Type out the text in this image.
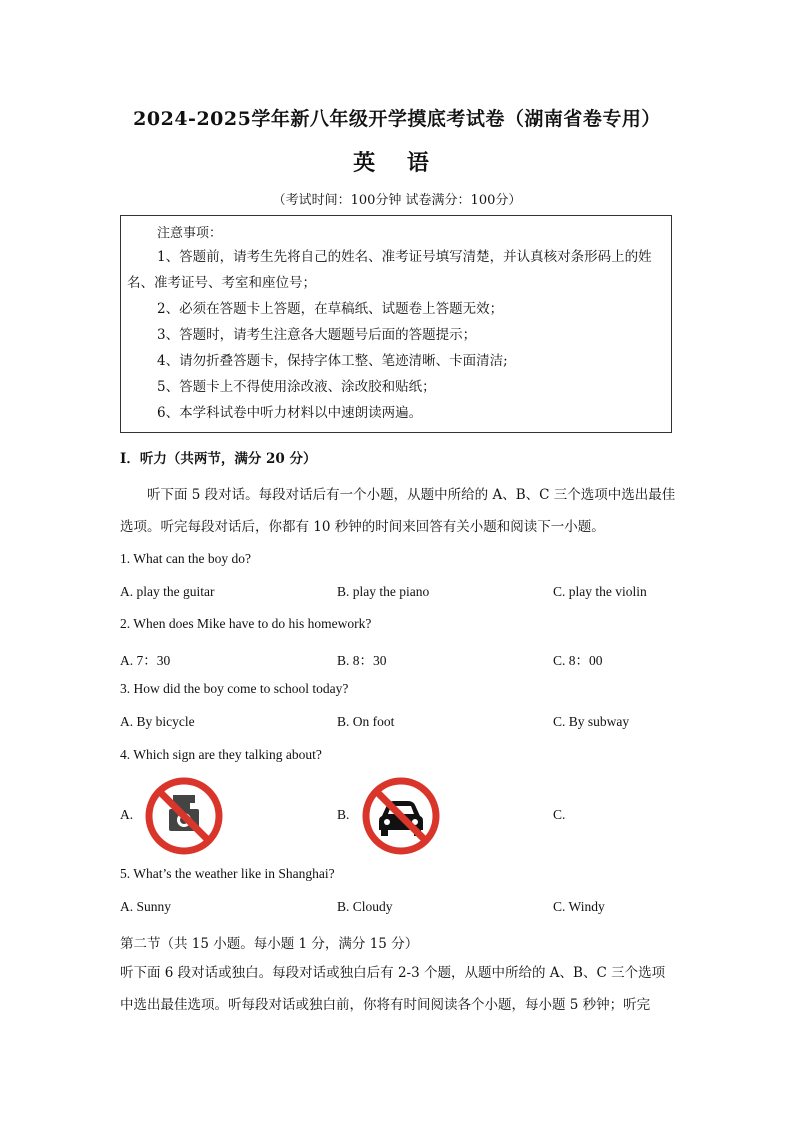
2024-2025学年新八年级开学摸底考试卷（湖南省卷专用）
英 语
（考试时间：100分钟 试卷满分：100分）
注意事项：
1、答题前，请考生先将自己的姓名、准考证号填写清楚，并认真核对条形码上的姓名、准考证号、考室和座位号；
2、必须在答题卡上答题，在草稿纸、试题卷上答题无效；
3、答题时，请考生注意各大题题号后面的答题提示；
4、请勿折叠答题卡，保持字体工整、笔迹清晰、卡面清洁;
5、答题卡上不得使用涂改液、涂改胶和贴纸；
6、本学科试卷中听力材料以中速朗读两遍。
I．听力（共两节，满分 20 分）
听下面 5 段对话。每段对话后有一个小题，从题中所给的 A、B、C 三个选项中选出最佳选项。听完每段对话后，你都有 10 秒钟的时间来回答有关小题和阅读下一小题。
1. What can the boy do?
A. play the guitar	B. play the piano	C. play the violin
2. When does Mike have to do his homework?
A. 7：30	B. 8：30	C. 8：00
3. How did the boy come to school today?
A. By bicycle	B. On foot	C. By subway
4. Which sign are they talking about?
A.	B.	C.
5. What’s the weather like in Shanghai?
A. Sunny	B. Cloudy	C. Windy
第二节（共 15 小题。每小题 1 分，满分 15 分）
听下面 6 段对话或独白。每段对话或独白后有 2-3 个题，从题中所给的 A、B、C 三个选项中选出最佳选项。听每段对话或独白前，你将有时间阅读各个小题，每小题 5 秒钟；听完
